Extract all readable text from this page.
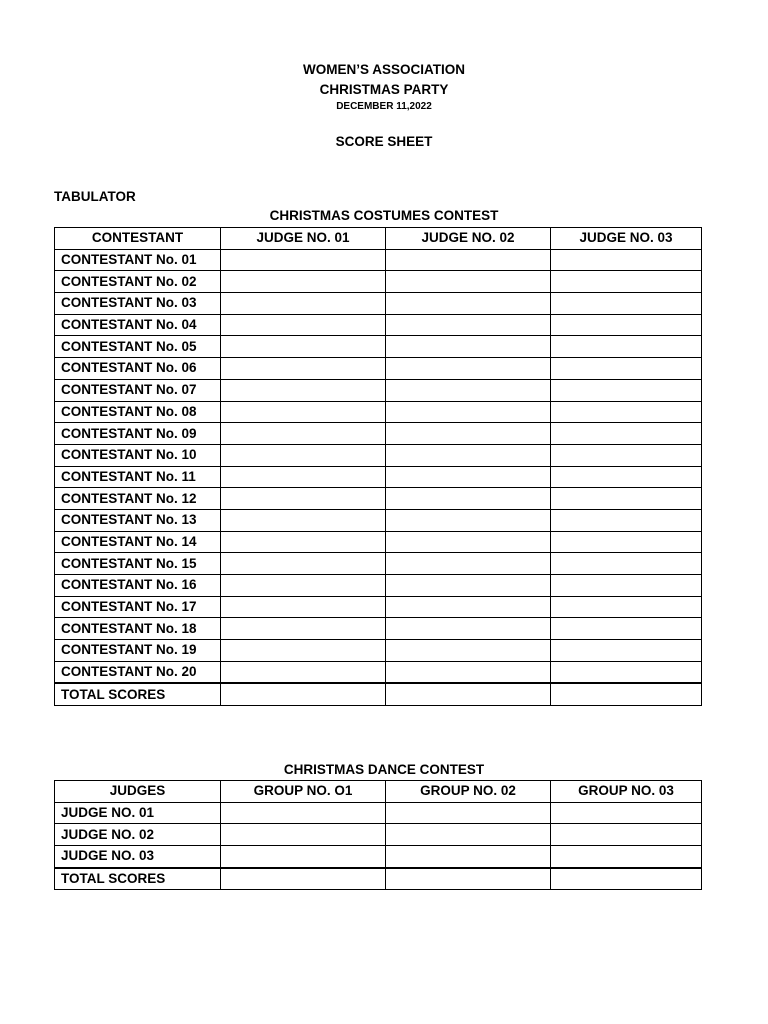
WOMEN’S ASSOCIATION
CHRISTMAS PARTY
DECEMBER 11,2022
SCORE SHEET
TABULATOR
CHRISTMAS COSTUMES CONTEST
CONTESTANT	JUDGE NO. 01	JUDGE NO. 02	JUDGE NO. 03
CONTESTANT No. 01			
CONTESTANT No. 02			
CONTESTANT No. 03			
CONTESTANT No. 04			
CONTESTANT No. 05			
CONTESTANT No. 06			
CONTESTANT No. 07			
CONTESTANT No. 08			
CONTESTANT No. 09			
CONTESTANT No. 10			
CONTESTANT No. 11			
CONTESTANT No. 12			
CONTESTANT No. 13			
CONTESTANT No. 14			
CONTESTANT No. 15			
CONTESTANT No. 16			
CONTESTANT No. 17			
CONTESTANT No. 18			
CONTESTANT No. 19			
CONTESTANT No. 20			
TOTAL SCORES			
CHRISTMAS DANCE CONTEST
JUDGES	GROUP NO. O1	GROUP NO. 02	GROUP NO. 03
JUDGE NO. 01			
JUDGE NO. 02			
JUDGE NO. 03			
TOTAL SCORES			
